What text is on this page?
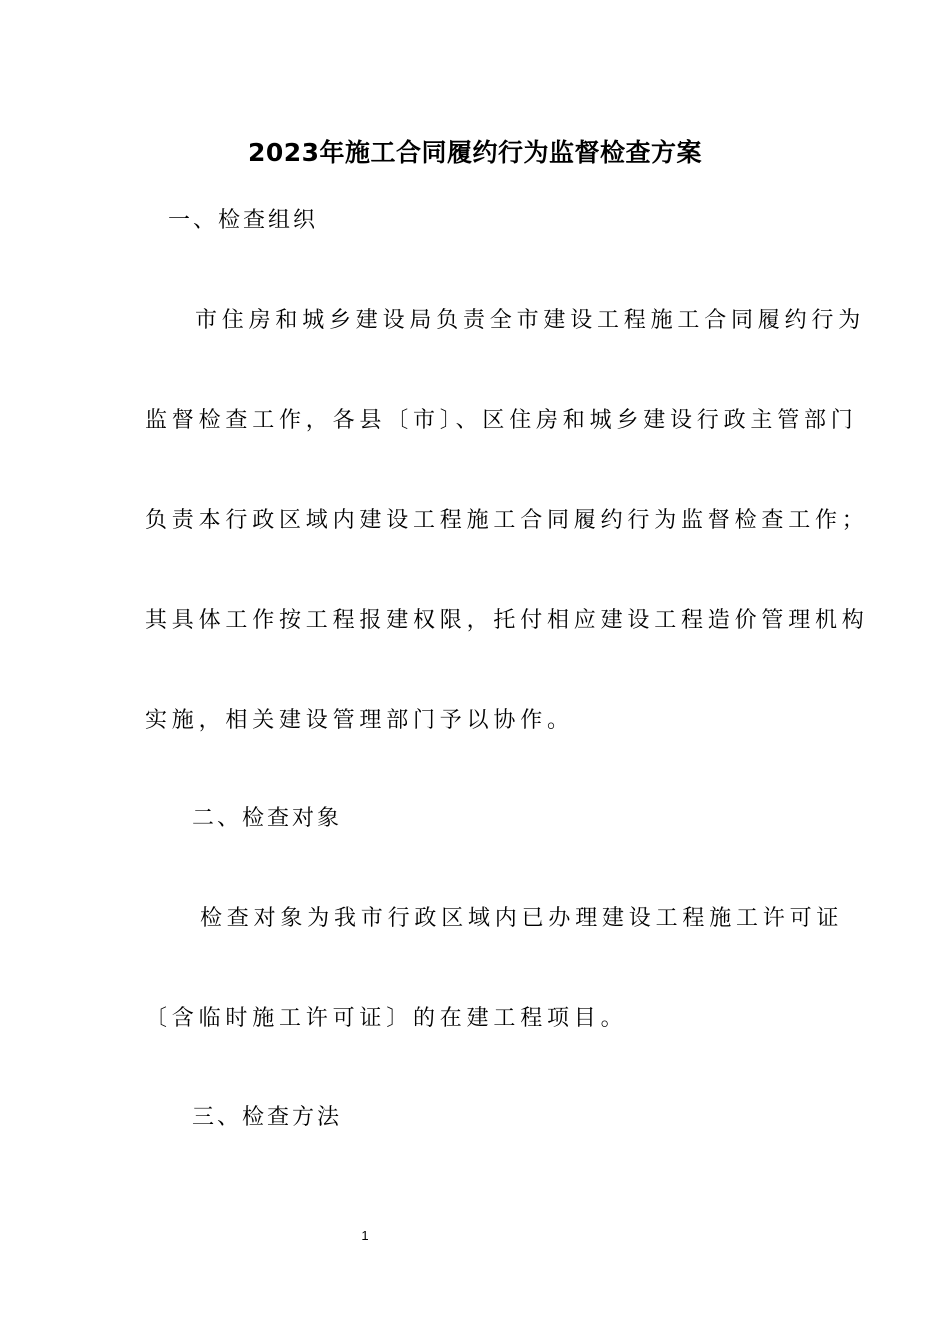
2023年施工合同履约行为监督检查方案
一、检查组织
市住房和城乡建设局负责全市建设工程施工合同履约行为
监督检查工作，各县〔市〕、区住房和城乡建设行政主管部门
负责本行政区域内建设工程施工合同履约行为监督检查工作；
其具体工作按工程报建权限，托付相应建设工程造价管理机构
实施，相关建设管理部门予以协作。
二、检查对象
检查对象为我市行政区域内已办理建设工程施工许可证
〔含临时施工许可证〕的在建工程项目。
三、检查方法
1
